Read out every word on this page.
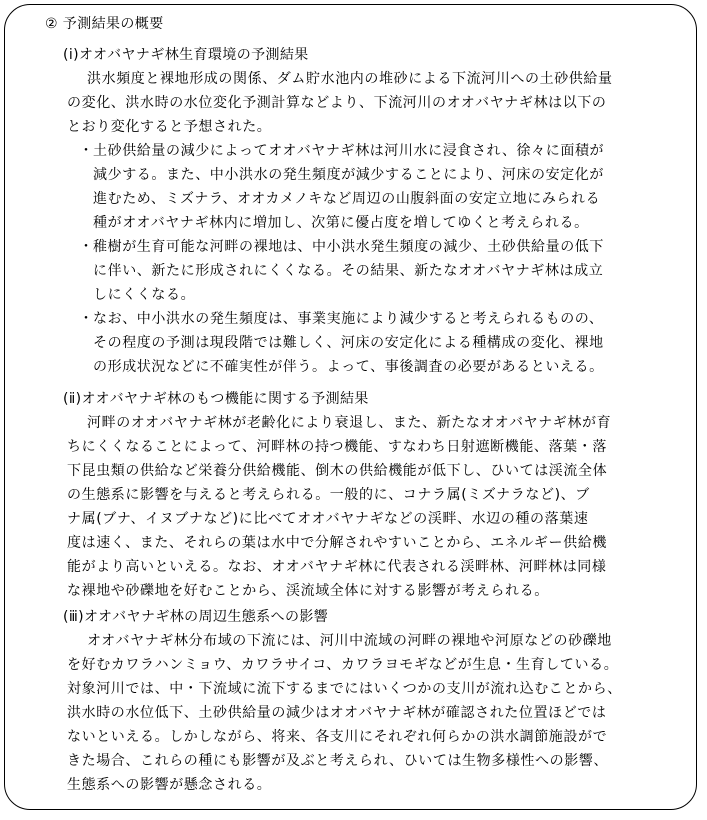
② 予測結果の概要

(ⅰ)オオバヤナギ林生育環境の予測結果

洪水頻度と裸地形成の関係、ダム貯水池内の堆砂による下流河川への土砂供給量

の変化、洪水時の水位変化予測計算などより、下流河川のオオバヤナギ林は以下の

とおり変化すると予想された。

・土砂供給量の減少によってオオバヤナギ林は河川水に浸食され、徐々に面積が

減少する。また、中小洪水の発生頻度が減少することにより、河床の安定化が

進むため、ミズナラ、オオカメノキなど周辺の山腹斜面の安定立地にみられる

種がオオバヤナギ林内に増加し、次第に優占度を増してゆくと考えられる。

・稚樹が生育可能な河畔の裸地は、中小洪水発生頻度の減少、土砂供給量の低下

に伴い、新たに形成されにくくなる。その結果、新たなオオバヤナギ林は成立

しにくくなる。

・なお、中小洪水の発生頻度は、事業実施により減少すると考えられるものの、

その程度の予測は現段階では難しく、河床の安定化による種構成の変化、裸地

の形成状況などに不確実性が伴う。よって、事後調査の必要があるといえる。

(ⅱ)オオバヤナギ林のもつ機能に関する予測結果

河畔のオオバヤナギ林が老齢化により衰退し、また、新たなオオバヤナギ林が育

ちにくくなることによって、河畔林の持つ機能、すなわち日射遮断機能、落葉・落

下昆虫類の供給など栄養分供給機能、倒木の供給機能が低下し、ひいては渓流全体

の生態系に影響を与えると考えられる。一般的に、コナラ属(ミズナラなど)、ブ

ナ属(ブナ、イヌブナなど)に比べてオオバヤナギなどの渓畔、水辺の種の落葉速

度は速く、また、それらの葉は水中で分解されやすいことから、エネルギー供給機

能がより高いといえる。なお、オオバヤナギ林に代表される渓畔林、河畔林は同様

な裸地や砂礫地を好むことから、渓流域全体に対する影響が考えられる。

(ⅲ)オオバヤナギ林の周辺生態系への影響

オオバヤナギ林分布域の下流には、河川中流域の河畔の裸地や河原などの砂礫地

を好むカワラハンミョウ、カワラサイコ、カワラヨモギなどが生息・生育している。

対象河川では、中・下流域に流下するまでにはいくつかの支川が流れ込むことから、

洪水時の水位低下、土砂供給量の減少はオオバヤナギ林が確認された位置ほどでは

ないといえる。しかしながら、将来、各支川にそれぞれ何らかの洪水調節施設がで

きた場合、これらの種にも影響が及ぶと考えられ、ひいては生物多様性への影響、

生態系への影響が懸念される。
